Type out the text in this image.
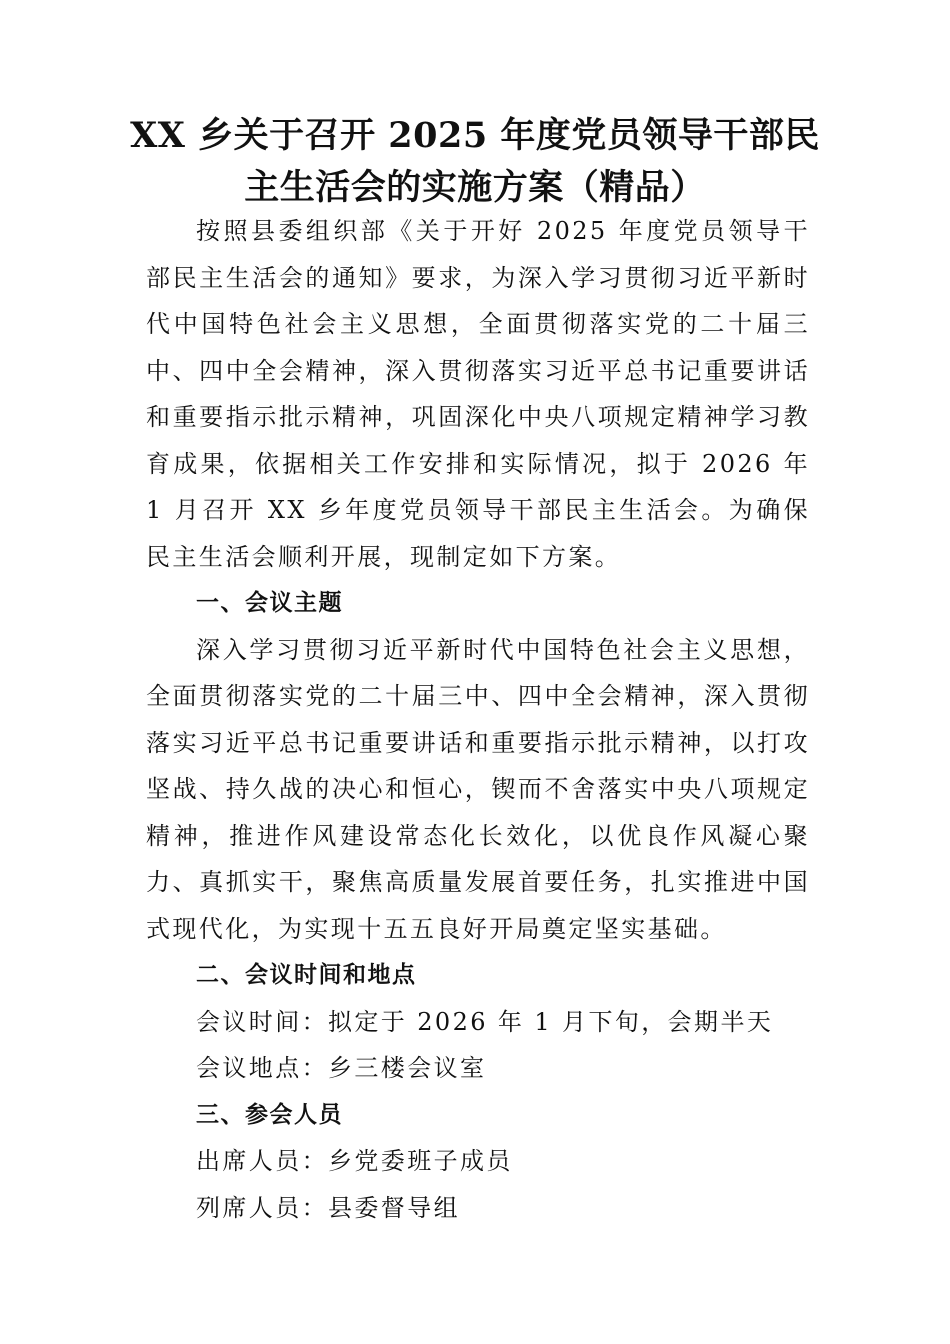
XX 乡关于召开 2025 年度党员领导干部民
主生活会的实施方案（精品）

按照县委组织部《关于开好 2025 年度党员领导干部民主生活会的通知》要求，为深入学习贯彻习近平新时代中国特色社会主义思想，全面贯彻落实党的二十届三中、四中全会精神，深入贯彻落实习近平总书记重要讲话和重要指示批示精神，巩固深化中央八项规定精神学习教育成果，依据相关工作安排和实际情况，拟于 2026 年 1 月召开 XX 乡年度党员领导干部民主生活会。为确保民主生活会顺利开展，现制定如下方案。

一、会议主题

深入学习贯彻习近平新时代中国特色社会主义思想，全面贯彻落实党的二十届三中、四中全会精神，深入贯彻落实习近平总书记重要讲话和重要指示批示精神，以打攻坚战、持久战的决心和恒心，锲而不舍落实中央八项规定精神，推进作风建设常态化长效化，以优良作风凝心聚力、真抓实干，聚焦高质量发展首要任务，扎实推进中国式现代化，为实现十五五良好开局奠定坚实基础。

二、会议时间和地点

会议时间：拟定于 2026 年 1 月下旬，会期半天

会议地点：乡三楼会议室

三、参会人员

出席人员：乡党委班子成员

列席人员：县委督导组
